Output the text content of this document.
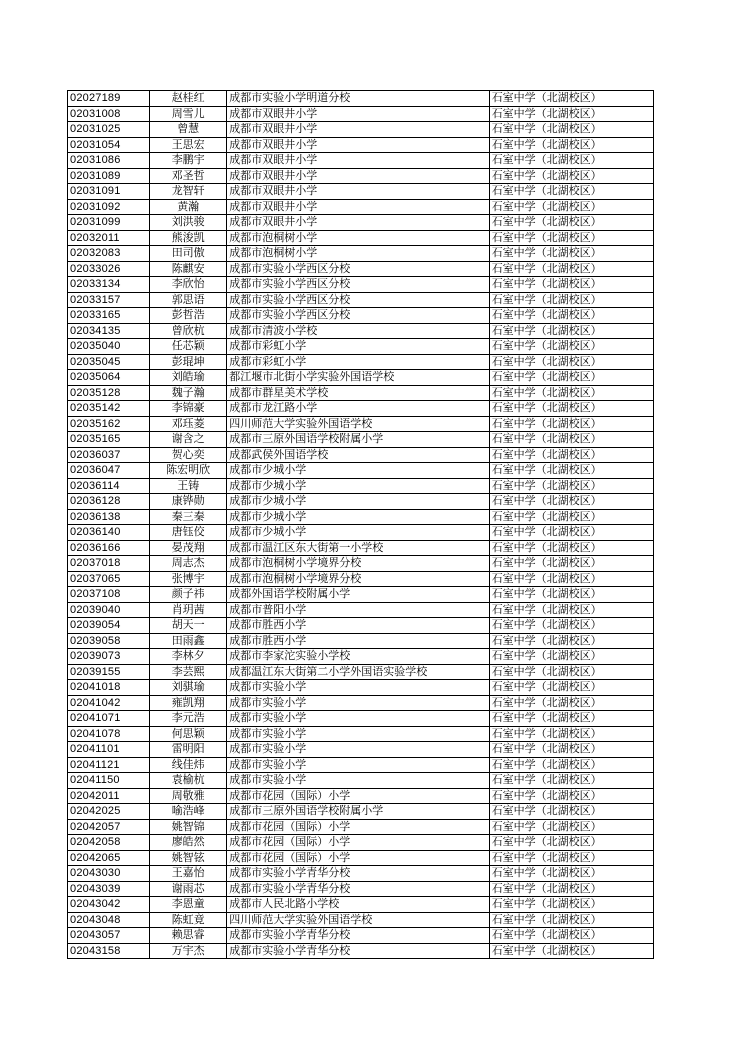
02027189	赵桂红	成都市实验小学明道分校	石室中学（北湖校区）
02031008	周雪儿	成都市双眼井小学	石室中学（北湖校区）
02031025	曾慧	成都市双眼井小学	石室中学（北湖校区）
02031054	王思宏	成都市双眼井小学	石室中学（北湖校区）
02031086	李鹏宇	成都市双眼井小学	石室中学（北湖校区）
02031089	邓圣哲	成都市双眼井小学	石室中学（北湖校区）
02031091	龙智轩	成都市双眼井小学	石室中学（北湖校区）
02031092	黄瀚	成都市双眼井小学	石室中学（北湖校区）
02031099	刘洪骏	成都市双眼井小学	石室中学（北湖校区）
02032011	熊浚凯	成都市泡桐树小学	石室中学（北湖校区）
02032083	田司傲	成都市泡桐树小学	石室中学（北湖校区）
02033026	陈麒安	成都市实验小学西区分校	石室中学（北湖校区）
02033134	李欣怡	成都市实验小学西区分校	石室中学（北湖校区）
02033157	郭思语	成都市实验小学西区分校	石室中学（北湖校区）
02033165	彭哲浩	成都市实验小学西区分校	石室中学（北湖校区）
02034135	曾欣杭	成都市清波小学校	石室中学（北湖校区）
02035040	任芯颖	成都市彩虹小学	石室中学（北湖校区）
02035045	彭琨坤	成都市彩虹小学	石室中学（北湖校区）
02035064	刘皓瑜	都江堰市北街小学实验外国语学校	石室中学（北湖校区）
02035128	魏子瀚	成都市群星美术学校	石室中学（北湖校区）
02035142	李锦豪	成都市龙江路小学	石室中学（北湖校区）
02035162	邓珏菱	四川师范大学实验外国语学校	石室中学（北湖校区）
02035165	谢含之	成都市三原外国语学校附属小学	石室中学（北湖校区）
02036037	贺心奕	成都武侯外国语学校	石室中学（北湖校区）
02036047	陈宏明欣	成都市少城小学	石室中学（北湖校区）
02036114	王铸	成都市少城小学	石室中学（北湖校区）
02036128	康铧勋	成都市少城小学	石室中学（北湖校区）
02036138	秦三秦	成都市少城小学	石室中学（北湖校区）
02036140	唐钰佼	成都市少城小学	石室中学（北湖校区）
02036166	晏茂翔	成都市温江区东大街第一小学校	石室中学（北湖校区）
02037018	周志杰	成都市泡桐树小学境界分校	石室中学（北湖校区）
02037065	张博宇	成都市泡桐树小学境界分校	石室中学（北湖校区）
02037108	颜子祎	成都外国语学校附属小学	石室中学（北湖校区）
02039040	肖玥茜	成都市普阳小学	石室中学（北湖校区）
02039054	胡天一	成都市胜西小学	石室中学（北湖校区）
02039058	田雨鑫	成都市胜西小学	石室中学（北湖校区）
02039073	李林夕	成都市李家沱实验小学校	石室中学（北湖校区）
02039155	李芸熙	成都温江东大街第二小学外国语实验学校	石室中学（北湖校区）
02041018	刘骐瑜	成都市实验小学	石室中学（北湖校区）
02041042	雍凯翔	成都市实验小学	石室中学（北湖校区）
02041071	李元浩	成都市实验小学	石室中学（北湖校区）
02041078	何思颖	成都市实验小学	石室中学（北湖校区）
02041101	雷明阳	成都市实验小学	石室中学（北湖校区）
02041121	线佳炜	成都市实验小学	石室中学（北湖校区）
02041150	袁榆杭	成都市实验小学	石室中学（北湖校区）
02042011	周敬雅	成都市花园（国际）小学	石室中学（北湖校区）
02042025	喻浩峰	成都市三原外国语学校附属小学	石室中学（北湖校区）
02042057	姚智锦	成都市花园（国际）小学	石室中学（北湖校区）
02042058	廖皓然	成都市花园（国际）小学	石室中学（北湖校区）
02042065	姚智铉	成都市花园（国际）小学	石室中学（北湖校区）
02043030	王嘉怡	成都市实验小学青华分校	石室中学（北湖校区）
02043039	谢雨芯	成都市实验小学青华分校	石室中学（北湖校区）
02043042	李恩童	成都市人民北路小学校	石室中学（北湖校区）
02043048	陈虹竟	四川师范大学实验外国语学校	石室中学（北湖校区）
02043057	赖思睿	成都市实验小学青华分校	石室中学（北湖校区）
02043158	万宇杰	成都市实验小学青华分校	石室中学（北湖校区）
